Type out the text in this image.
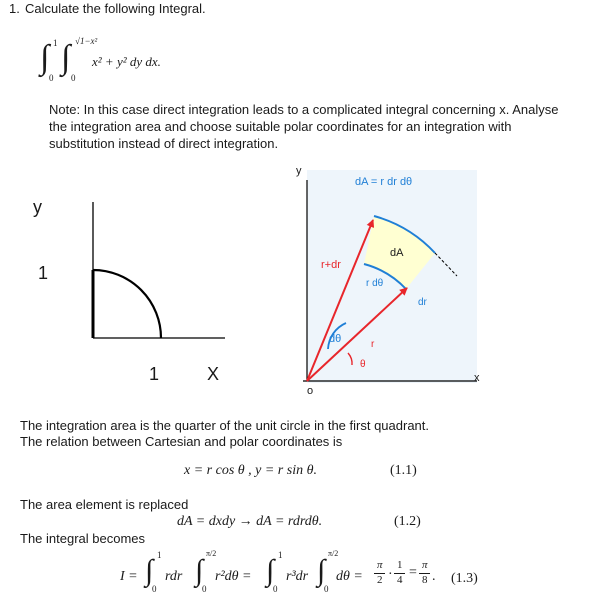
1. Calculate the following Integral.
∫ 1
0
∫ √1−x²
0
x² + y² dy dx.
Note: In this case direct integration leads to a complicated integral concerning x. Analyse the integration area and choose suitable polar coordinates for an integration with substitution instead of direct integration.
y
1
1	X
dA = r dr dθ
dA
r+dr
r dθ
dr
dθ	r
θ
y
x
o
The integration area is the quarter of the unit circle in the first quadrant.
The relation between Cartesian and polar coordinates is
x = r cos θ , y = r sin θ.	(1.1)
The area element is replaced
dA = dxdy → dA = rdrdθ.	(1.2)
The integral becomes
I = ∫ 1
0
rdr ∫
π/2
0
r²dθ = ∫ 1
0
r³dr ∫
π/2
0
dθ =
π
2 ·
1
4 = π
8 . (1.3)
